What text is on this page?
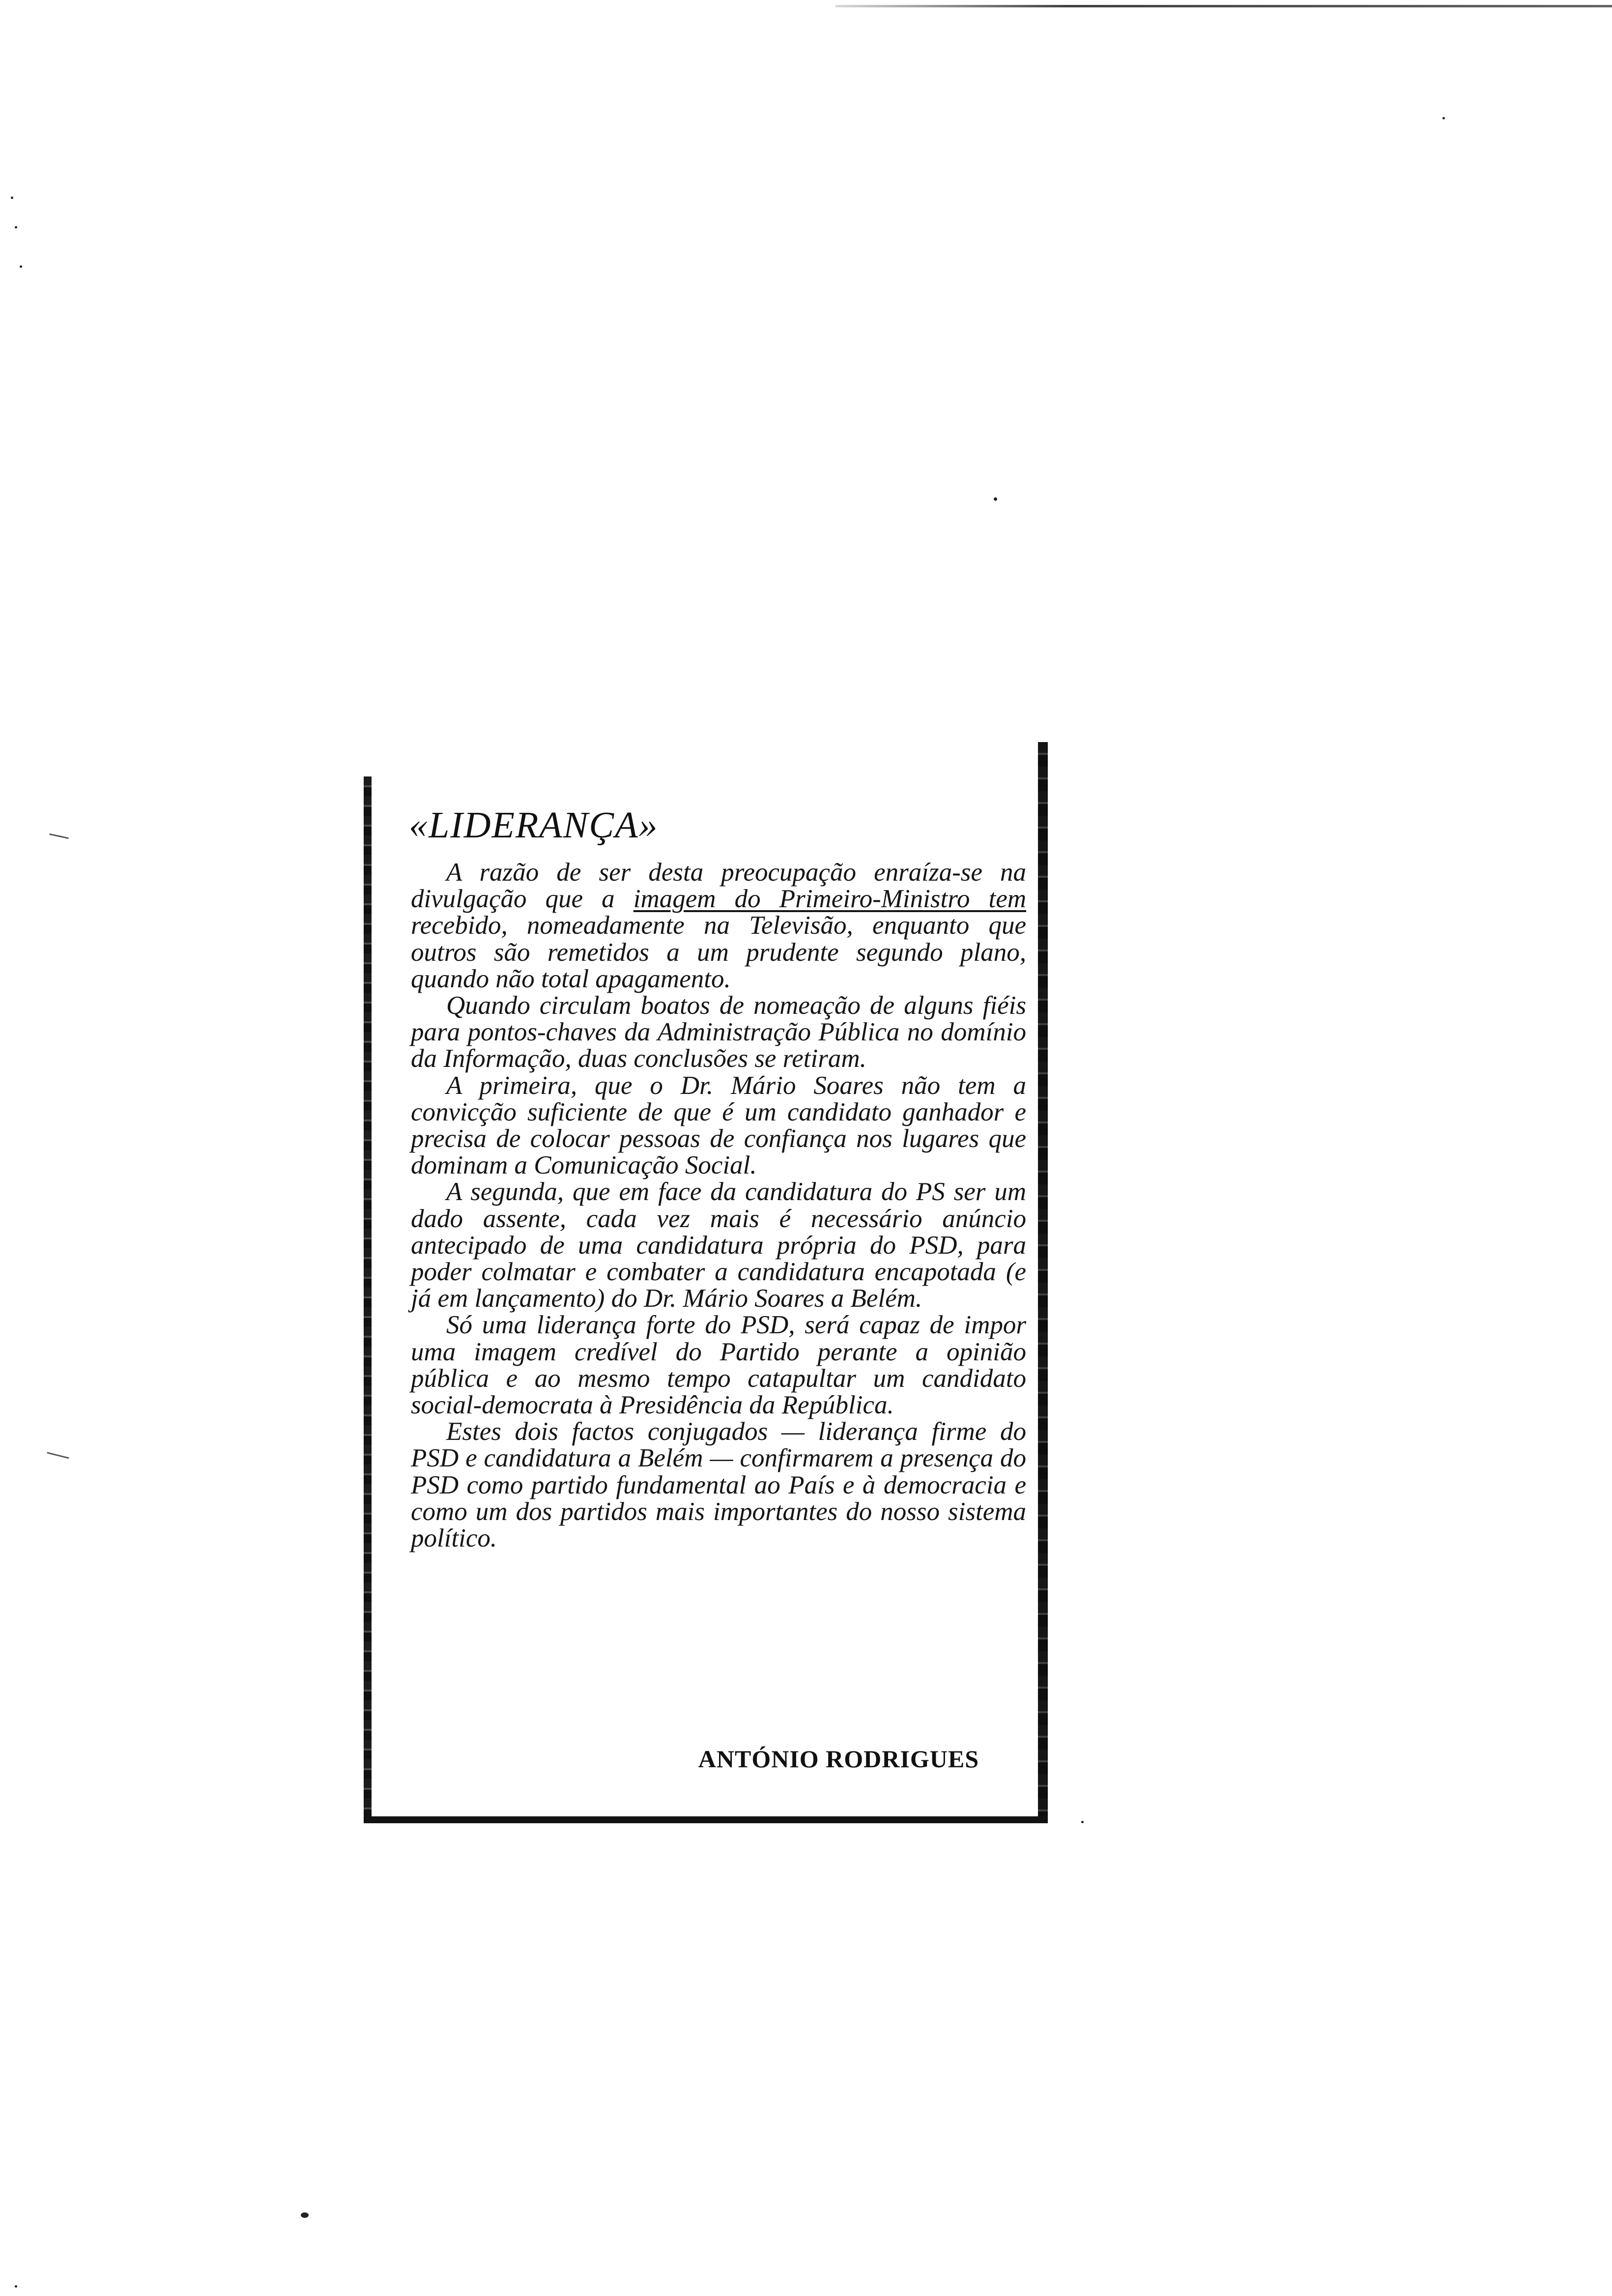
«LIDERANÇA»

A razão de ser desta preocupação enraíza-se na divulgação que a imagem do Primeiro-Ministro tem recebido, nomeadamente na Televisão, enquanto que outros são remetidos a um prudente segundo plano, quando não total apagamento.

Quando circulam boatos de nomeação de alguns fiéis para pontos-chaves da Administração Pública no domínio da Informação, duas conclusões se retiram.

A primeira, que o Dr. Mário Soares não tem a convicção suficiente de que é um candidato ganhador e precisa de colocar pessoas de confiança nos lugares que dominam a Comunicação Social.

A segunda, que em face da candidatura do PS ser um dado assente, cada vez mais é necessário anúncio antecipado de uma candidatura própria do PSD, para poder colmatar e combater a candidatura encapotada (e já em lançamento) do Dr. Mário Soares a Belém.

Só uma liderança forte do PSD, será capaz de impor uma imagem credível do Partido perante a opinião pública e ao mesmo tempo catapultar um candidato social-democrata à Presidência da República.

Estes dois factos conjugados — liderança firme do PSD e candidatura a Belém — confirmarem a presença do PSD como partido fundamental ao País e à democracia e como um dos partidos mais importantes do nosso sistema político.

ANTÓNIO RODRIGUES
